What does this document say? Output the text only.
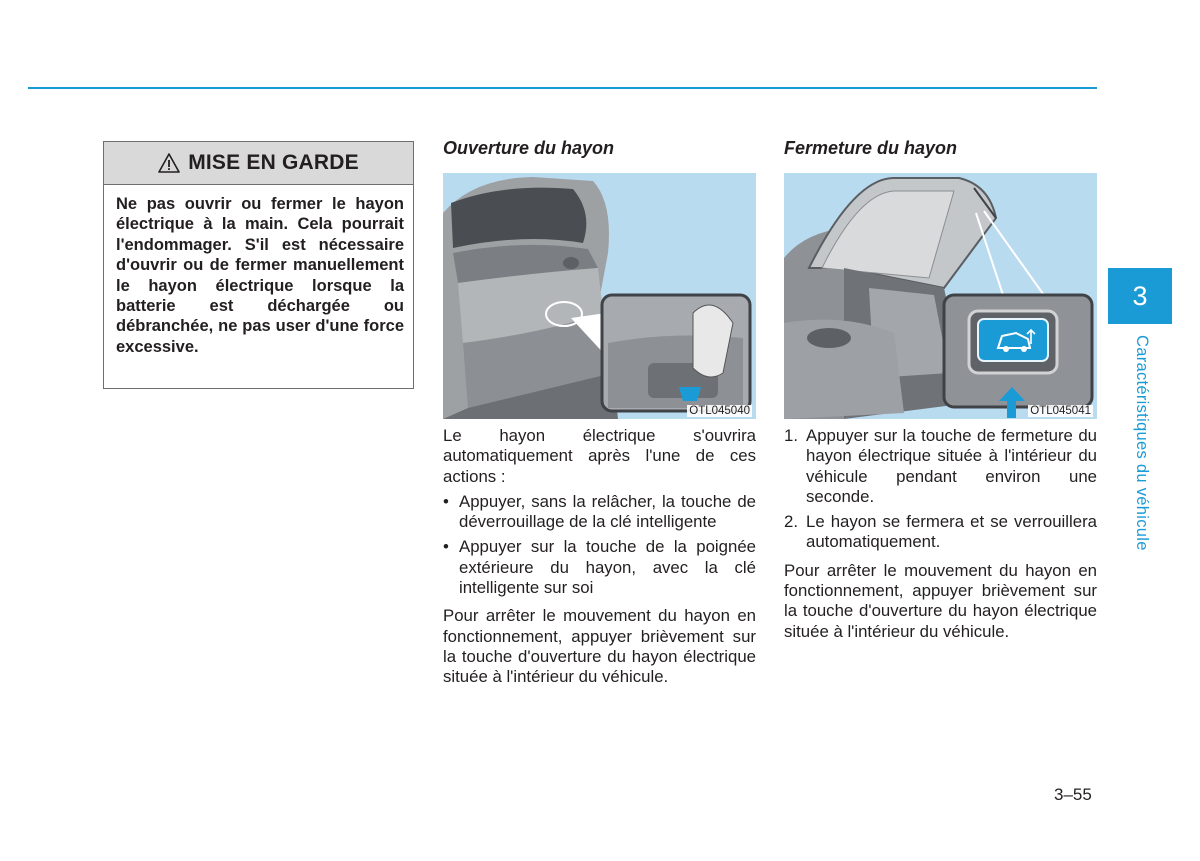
MISE EN GARDE
Ne pas ouvrir ou fermer le hayon électrique à la main. Cela pourrait l'endommager. S'il est nécessaire d'ouvrir ou de fermer manuellement le hayon électrique lorsque la batterie est déchargée ou débranchée, ne pas user d'une force excessive.
Ouverture du hayon
OTL045040

Le hayon électrique s'ouvrira automatiquement après l'une de ces actions :

• Appuyer, sans la relâcher, la touche de déverrouillage de la clé intelligente
• Appuyer sur la touche de la poignée extérieure du hayon, avec la clé intelligente sur soi

Pour arrêter le mouvement du hayon en fonctionnement, appuyer brièvement sur la touche d'ouverture du hayon électrique située à l'intérieur du véhicule.

Fermeture du hayon
OTL045041
1. Appuyer sur la touche de fermeture du hayon électrique située à l'intérieur du véhicule pendant environ une seconde.
2. Le hayon se fermera et se verrouillera automatiquement.

Pour arrêter le mouvement du hayon en fonctionnement, appuyer brièvement sur la touche d'ouverture du hayon électrique située à l'intérieur du véhicule.

3
Caractéristiques du véhicule
3–55
